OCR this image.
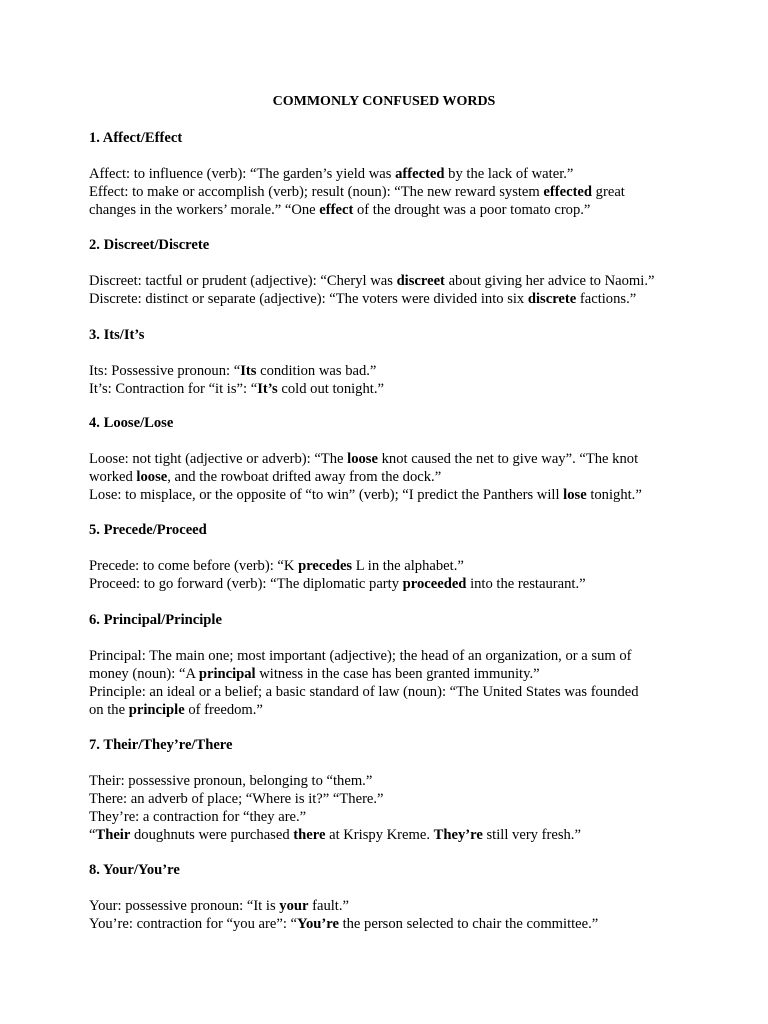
COMMONLY CONFUSED WORDS
1. Affect/Effect
Affect: to influence (verb): “The garden’s yield was affected by the lack of water.”
Effect: to make or accomplish (verb); result (noun): “The new reward system effected great
changes in the workers’ morale.” “One effect of the drought was a poor tomato crop.”
2. Discreet/Discrete
Discreet: tactful or prudent (adjective): “Cheryl was discreet about giving her advice to Naomi.”
Discrete: distinct or separate (adjective): “The voters were divided into six discrete factions.”
3. Its/It’s
Its: Possessive pronoun: “Its condition was bad.”
It’s: Contraction for “it is”: “It’s cold out tonight.”
4. Loose/Lose
Loose: not tight (adjective or adverb): “The loose knot caused the net to give way”. “The knot
worked loose, and the rowboat drifted away from the dock.”
Lose: to misplace, or the opposite of “to win” (verb); “I predict the Panthers will lose tonight.”
5. Precede/Proceed
Precede: to come before (verb): “K precedes L in the alphabet.”
Proceed: to go forward (verb): “The diplomatic party proceeded into the restaurant.”
6. Principal/Principle
Principal: The main one; most important (adjective); the head of an organization, or a sum of
money (noun): “A principal witness in the case has been granted immunity.”
Principle: an ideal or a belief; a basic standard of law (noun): “The United States was founded
on the principle of freedom.”
7. Their/They’re/There
Their: possessive pronoun, belonging to “them.”
There: an adverb of place; “Where is it?” “There.”
They’re: a contraction for “they are.”
“Their doughnuts were purchased there at Krispy Kreme. They’re still very fresh.”
8. Your/You’re
Your: possessive pronoun: “It is your fault.”
You’re: contraction for “you are”: “You’re the person selected to chair the committee.”
